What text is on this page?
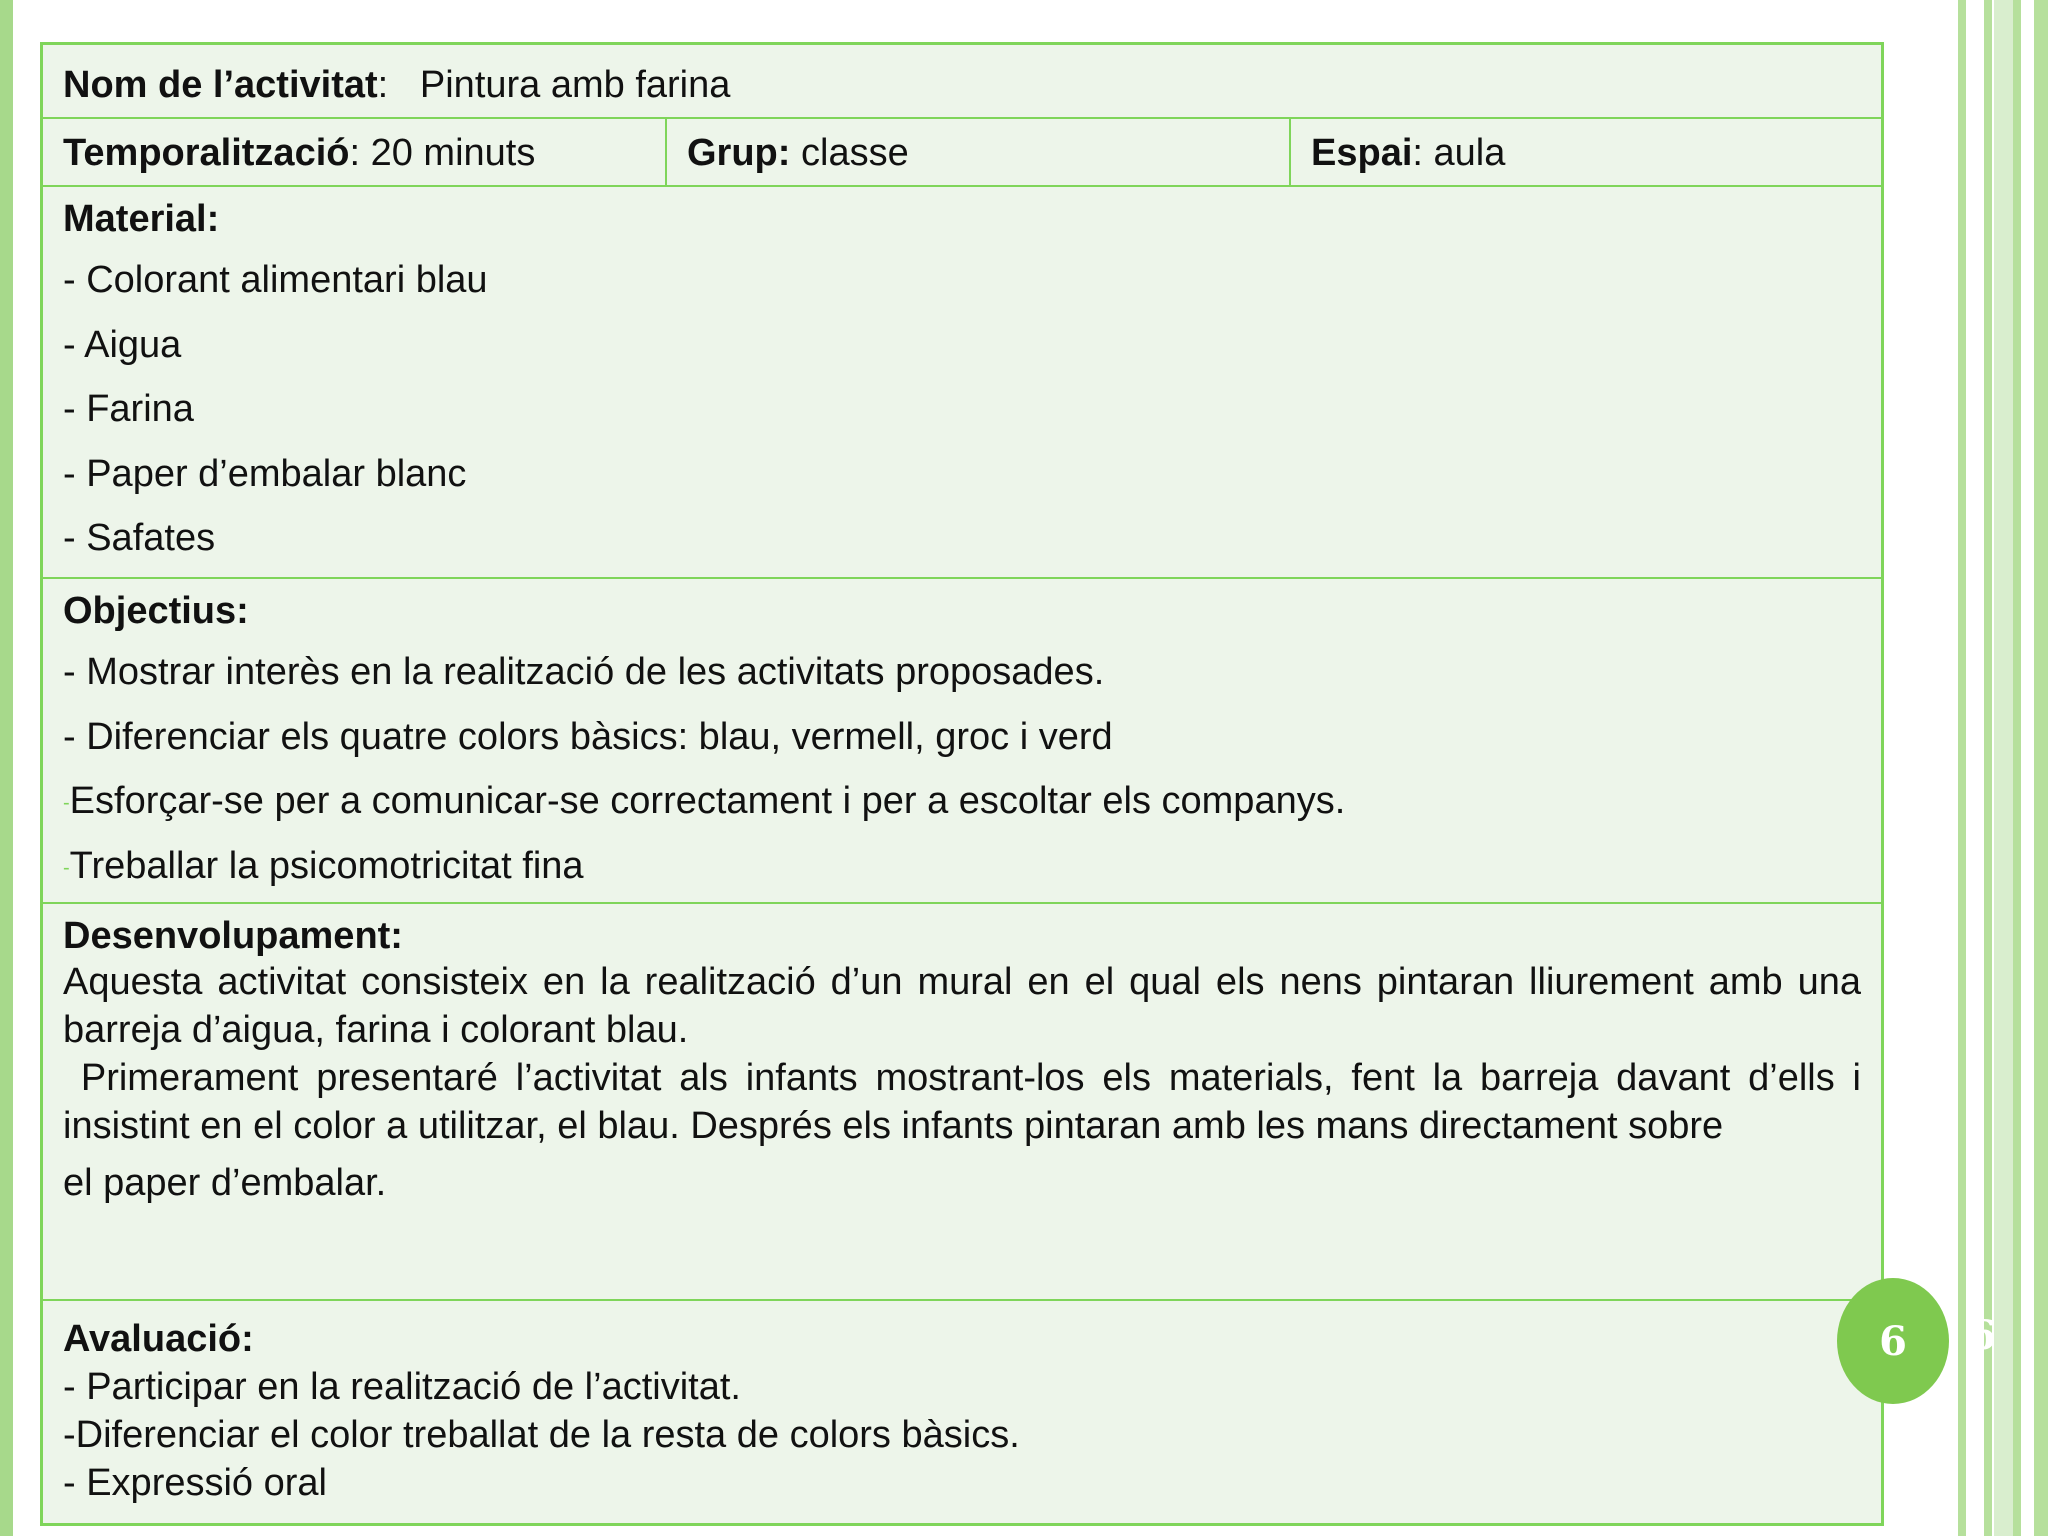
Nom de l’activitat:   Pintura amb farina
Temporalització: 20 minuts	Grup: classe	Espai: aula
Material:
- Colorant alimentari blau
- Aigua
- Farina
- Paper d’embalar blanc
- Safates
Objectius:
- Mostrar interès en la realització de les activitats proposades.
- Diferenciar els quatre colors bàsics: blau, vermell, groc i verd
-Esforçar-se per a comunicar-se correctament i per a escoltar els companys.
-Treballar la psicomotricitat fina
Desenvolupament:

Aquesta activitat consisteix en la realització d’un mural en el qual els nens pintaran lliurement amb una barreja d’aigua, farina i colorant blau.

Primerament presentaré l’activitat als infants mostrant-los els materials, fent la barreja davant d’ells i insistint en el color a utilitzar, el blau. Després els infants pintaran amb les mans directament sobre

el paper d’embalar.
Avaluació:
- Participar en la realització de l’activitat.
-Diferenciar el color treballat de la resta de colors bàsics.
- Expressió oral
6	6
